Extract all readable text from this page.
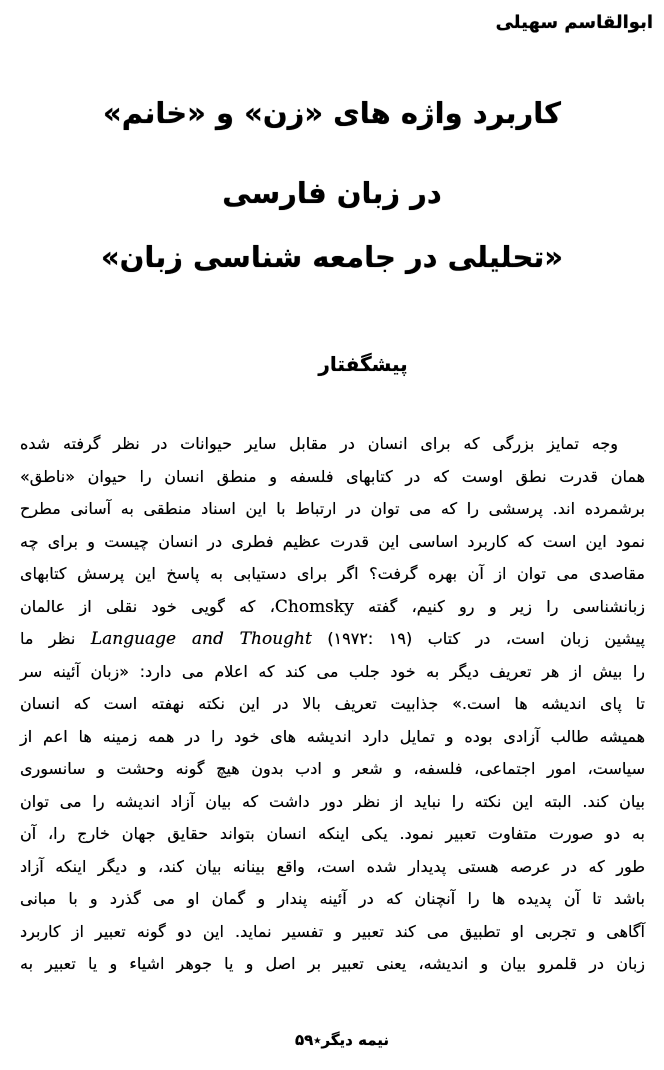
ابوالقاسم سهیلی
کاربرد واژه های «زن» و «خانم»
در زبان فارسی
«تحلیلی در جامعه شناسی زبان»
پیشگفتار
وجه تمایز بزرگی که برای انسان در مقابل سایر حیوانات در نظر گرفته شده
همان قدرت نطق اوست که در کتابهای فلسفه و منطق انسان را حیوان «ناطق»
برشمرده اند. پرسشی را که می توان در ارتباط با این اسناد منطقی به آسانی مطرح
نمود این است که کاربرد اساسی این قدرت عظیم فطری در انسان چیست و برای چه
مقاصدی می توان از آن بهره گرفت؟ اگر برای دستیابی به پاسخ این پرسش کتابهای
زبانشناسی را زیر و رو کنیم، گفته Chomsky، که گویی خود نقلی از عالمان
پیشین زبان است، در کتاب Language and Thought (۱۹۷۲: ۱۹) نظر ما
را بیش از هر تعریف دیگر به خود جلب می کند که اعلام می دارد: «زبان آئینه سر
تا پای اندیشه ها است.» جذابیت تعریف بالا در این نکته نهفته است که انسان
همیشه طالب آزادی بوده و تمایل دارد اندیشه های خود را در همه زمینه ها اعم از
سیاست، امور اجتماعی، فلسفه، و شعر و ادب بدون هیچ گونه وحشت و سانسوری
بیان کند. البته این نکته را نباید از نظر دور داشت که بیان آزاد اندیشه را می توان
به دو صورت متفاوت تعبیر نمود. یکی اینکه انسان بتواند حقایق جهان خارج را، آن
طور که در عرصه هستی پدیدار شده است، واقع بینانه بیان کند، و دیگر اینکه آزاد
باشد تا آن پدیده ها را آنچنان که در آئینه پندار و گمان او می گذرد و با مبانی
آگاهی و تجربی او تطبیق می کند تعبیر و تفسیر نماید. این دو گونه تعبیر از کاربرد
زبان در قلمرو بیان و اندیشه، یعنی تعبیر بر اصل و یا جوهر اشیاء و یا تعبیر به
نیمه دیگر٭۵۹
